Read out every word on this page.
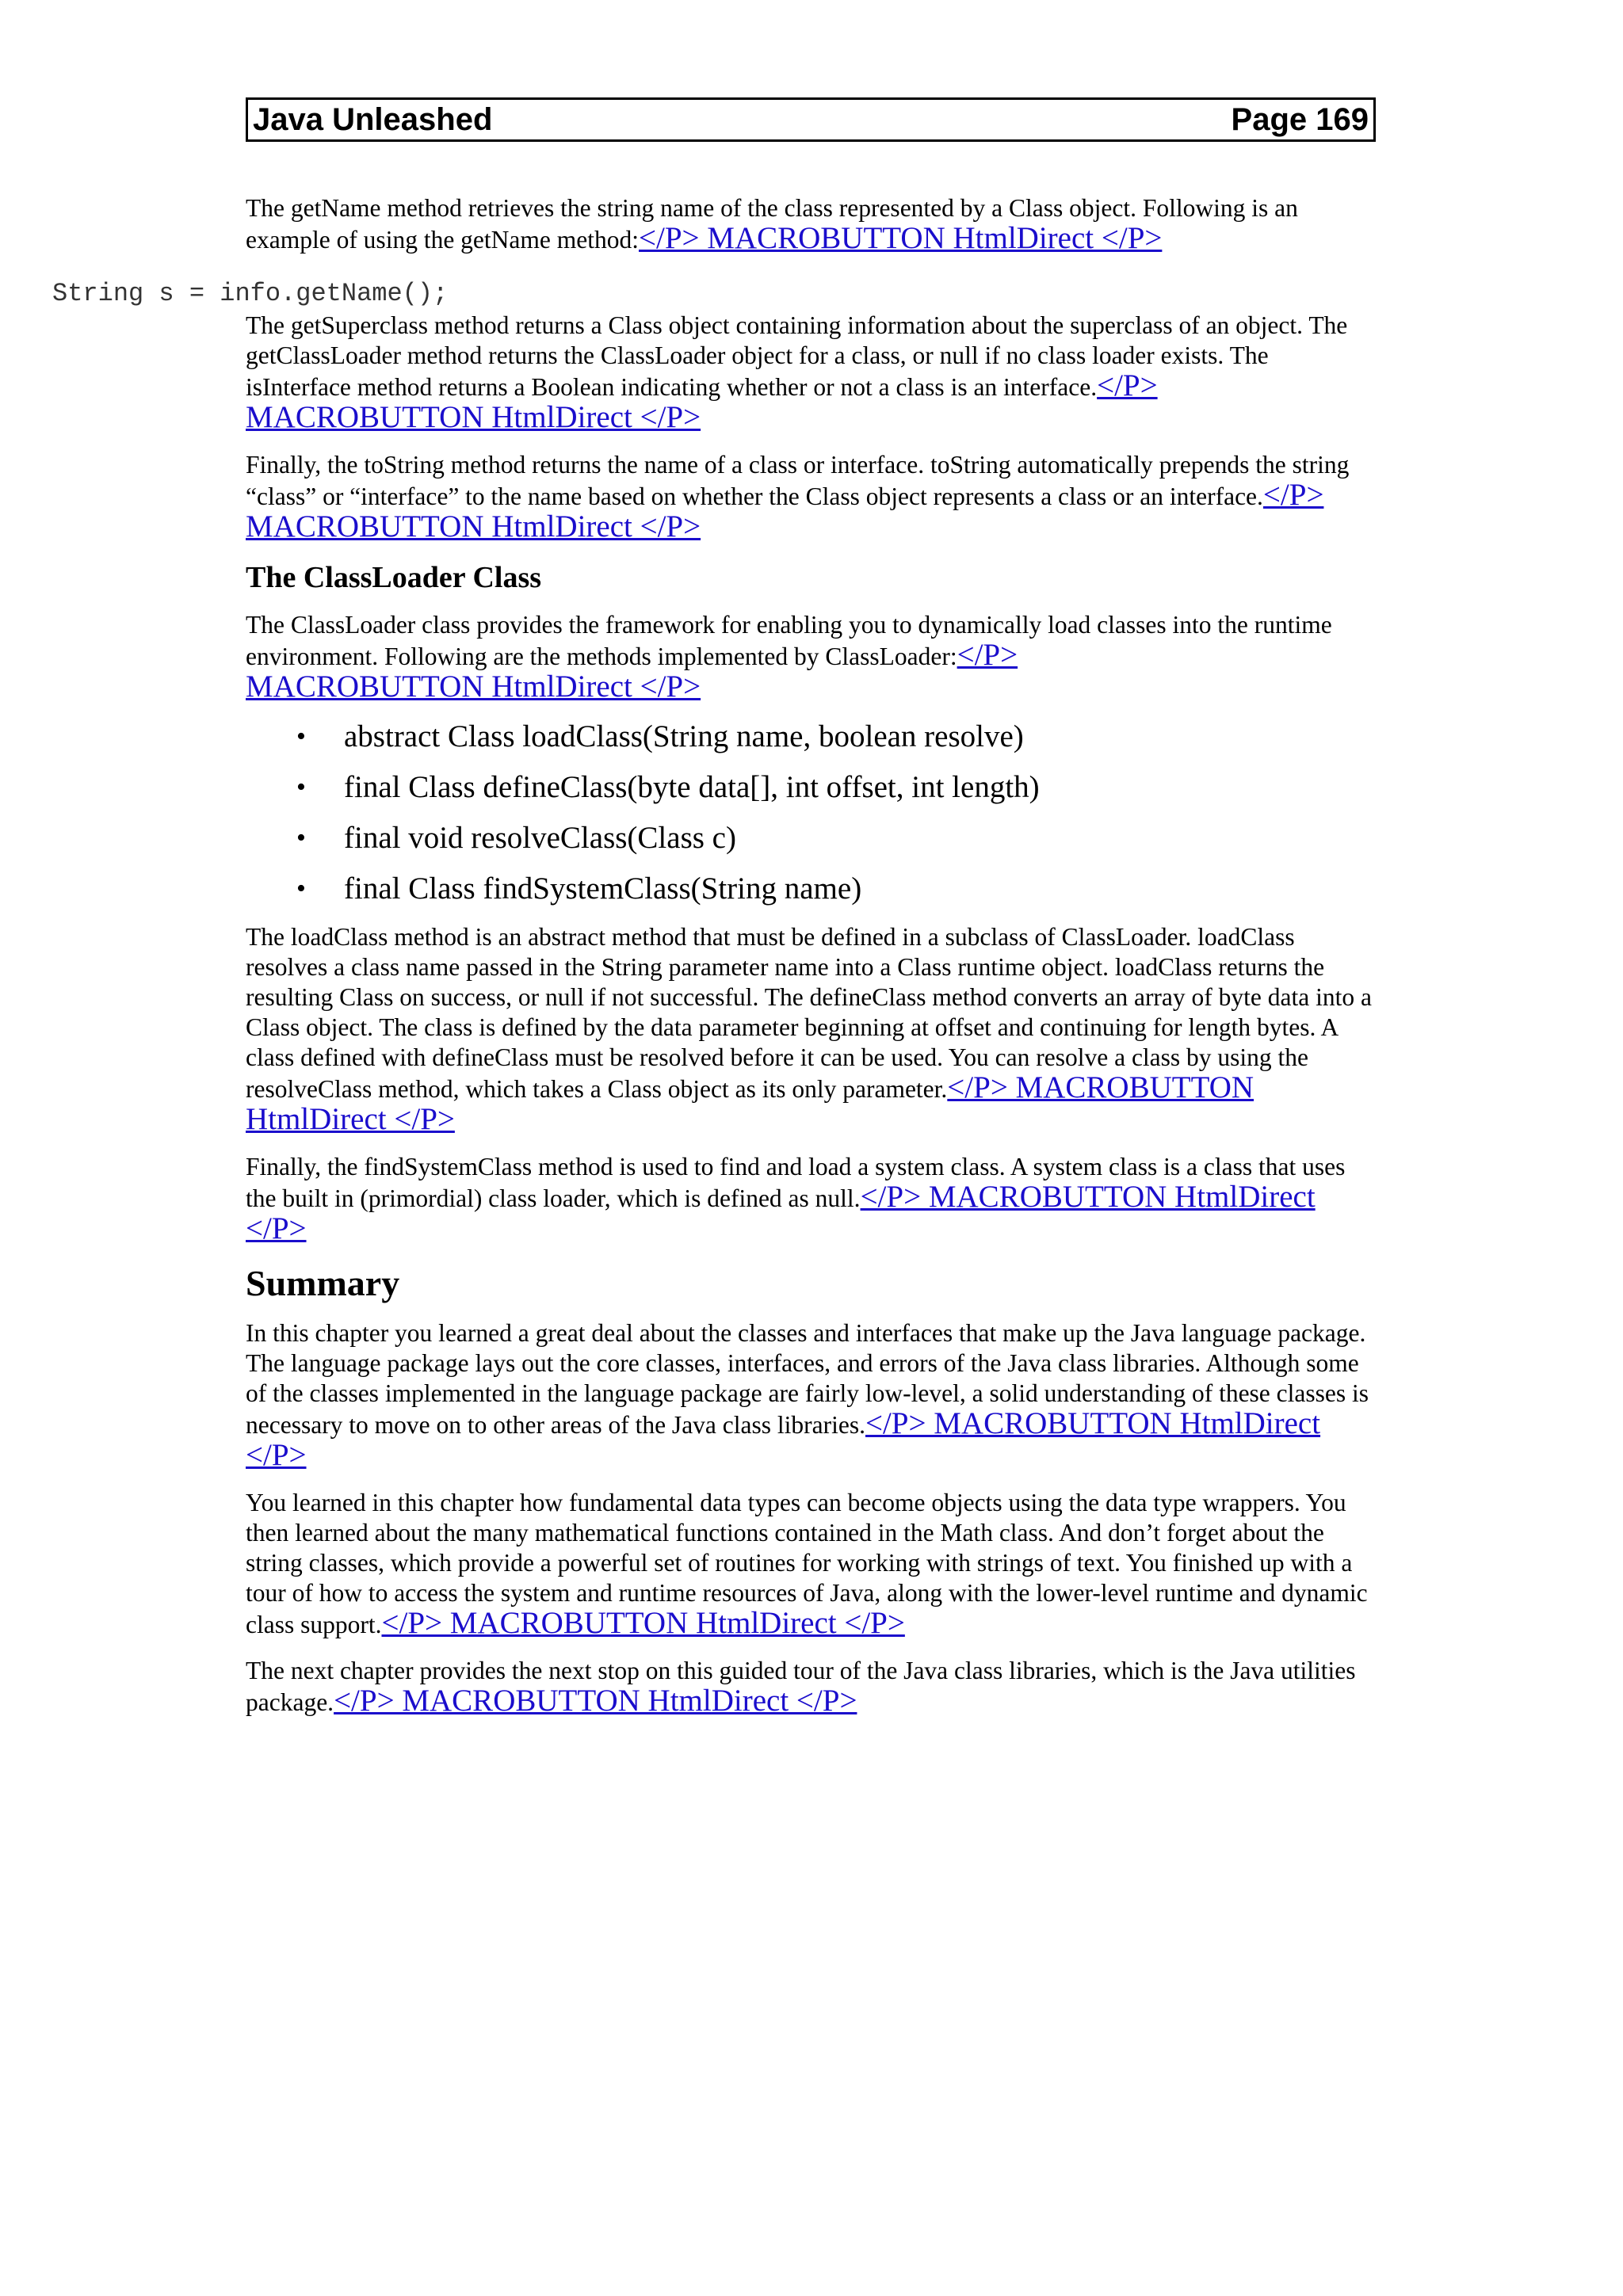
Java Unleashed	Page 169
String s = info.getName();

The getName method retrieves the string name of the class represented by a Class object. Following is an example of using the getName method:</P> MACROBUTTON HtmlDirect </P>

The getSuperclass method returns a Class object containing information about the superclass of an object. The getClassLoader method returns the ClassLoader object for a class, or null if no class loader exists. The isInterface method returns a Boolean indicating whether or not a class is an interface.</P> MACROBUTTON HtmlDirect </P>

Finally, the toString method returns the name of a class or interface. toString automatically prepends the string “class” or “interface” to the name based on whether the Class object represents a class or an interface.</P> MACROBUTTON HtmlDirect </P>

The ClassLoader Class

The ClassLoader class provides the framework for enabling you to dynamically load classes into the runtime environment. Following are the methods implemented by ClassLoader:</P>
MACROBUTTON HtmlDirect </P>

• abstract Class loadClass(String name, boolean resolve)
• final Class defineClass(byte data[], int offset, int length)
• final void resolveClass(Class c)
• final Class findSystemClass(String name)

The loadClass method is an abstract method that must be defined in a subclass of ClassLoader. loadClass resolves a class name passed in the String parameter name into a Class runtime object. loadClass returns the resulting Class on success, or null if not successful. The defineClass method converts an array of byte data into a Class object. The class is defined by the data parameter beginning at offset and continuing for length bytes. A class defined with defineClass must be resolved before it can be used. You can resolve a class by using the resolveClass method, which takes a Class object as its only parameter.</P> MACROBUTTON HtmlDirect </P>

Finally, the findSystemClass method is used to find and load a system class. A system class is a class that uses the built in (primordial) class loader, which is defined as null.</P> MACROBUTTON HtmlDirect </P>

Summary

In this chapter you learned a great deal about the classes and interfaces that make up the Java language package. The language package lays out the core classes, interfaces, and errors of the Java class libraries. Although some of the classes implemented in the language package are fairly low-level, a solid understanding of these classes is necessary to move on to other areas of the Java class libraries.</P> MACROBUTTON HtmlDirect </P>

You learned in this chapter how fundamental data types can become objects using the data type wrappers. You then learned about the many mathematical functions contained in the Math class. And don’t forget about the string classes, which provide a powerful set of routines for working with strings of text. You finished up with a tour of how to access the system and runtime resources of Java, along with the lower-level runtime and dynamic class support.</P> MACROBUTTON HtmlDirect </P>

The next chapter provides the next stop on this guided tour of the Java class libraries, which is the Java utilities package.</P> MACROBUTTON HtmlDirect </P>
